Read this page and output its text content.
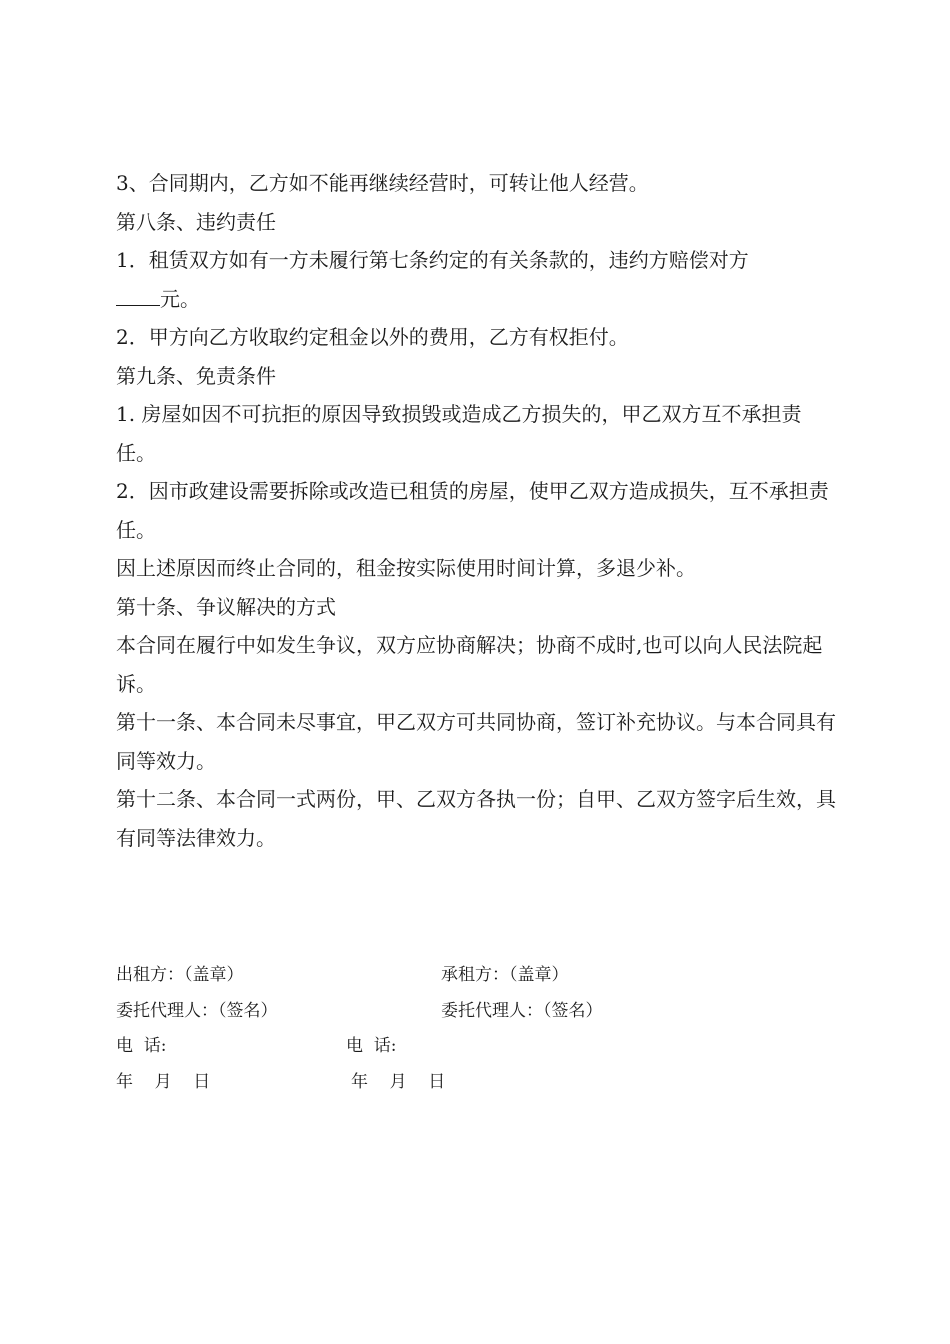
3、合同期内，乙方如不能再继续经营时，可转让他人经营。

第八条、违约责任

1．租赁双方如有一方未履行第七条约定的有关条款的，违约方赔偿对方
元。

2．甲方向乙方收取约定租金以外的费用，乙方有权拒付。

第九条、免责条件

1. 房屋如因不可抗拒的原因导致损毁或造成乙方损失的，甲乙双方互不承担责任。

2．因市政建设需要拆除或改造已租赁的房屋，使甲乙双方造成损失，互不承担责任。

因上述原因而终止合同的，租金按实际使用时间计算，多退少补。

第十条、争议解决的方式

本合同在履行中如发生争议，双方应协商解决；协商不成时,也可以向人民法院起诉。

第十一条、本合同未尽事宜，甲乙双方可共同协商，签订补充协议。与本合同具有同等效力。

第十二条、本合同一式两份，甲、乙双方各执一份；自甲、乙双方签字后生效，具有同等法律效力。

出租方：（盖章）	承租方：（盖章）
委托代理人：（签名）	委托代理人：（签名）
电  话:	电  话:
年    月    日	年    月    日
